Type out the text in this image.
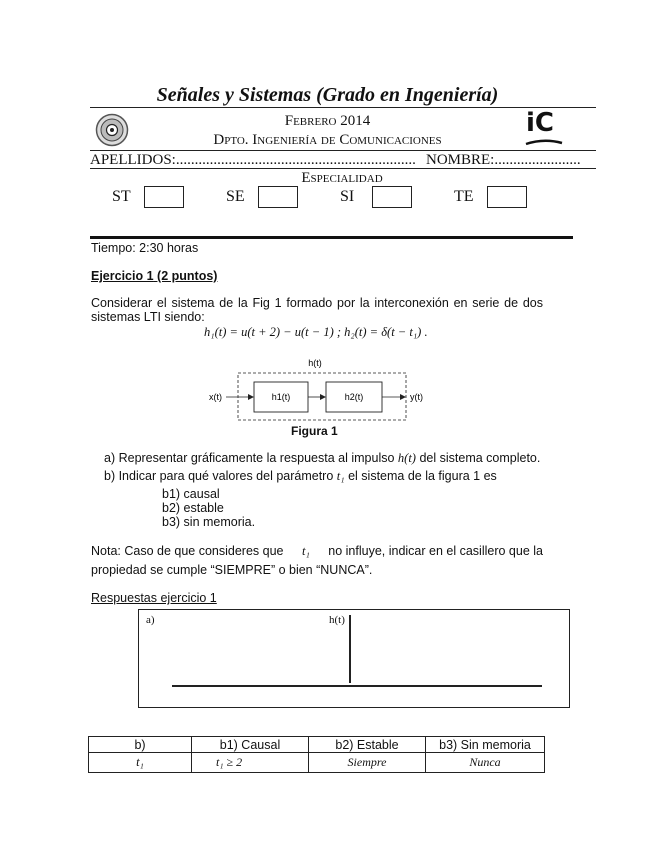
Señales y Sistemas (Grado en Ingeniería)
Febrero 2014
Dpto. Ingeniería de Comunicaciones
iC
APELLIDOS:................................................................ NOMBRE:.......................
Especialidad
ST	SE	SI	TE
Tiempo: 2:30 horas
Ejercicio 1 (2 puntos)
Considerar el sistema de la Fig 1 formado por la interconexión en serie de dos
sistemas LTI siendo:
h₁(t) = u(t + 2) − u(t − 1) ; h₂(t) = δ(t − t₁) .
h(t)
x(t)	h1(t)	h2(t)	y(t)
Figura 1
a) Representar gráficamente la respuesta al impulso h(t) del sistema completo.
b) Indicar para qué valores del parámetro t₁ el sistema de la figura 1 es
b1) causal
b2) estable
b3) sin memoria.
Nota: Caso de que consideres que t₁ no influye, indicar en el casillero que la
propiedad se cumple “SIEMPRE” o bien “NUNCA”.
Respuestas ejercicio 1
a)	h(t)
b)	b1) Causal	b2) Estable	b3) Sin memoria
t₁	t₁ ≥ 2	Siempre	Nunca
